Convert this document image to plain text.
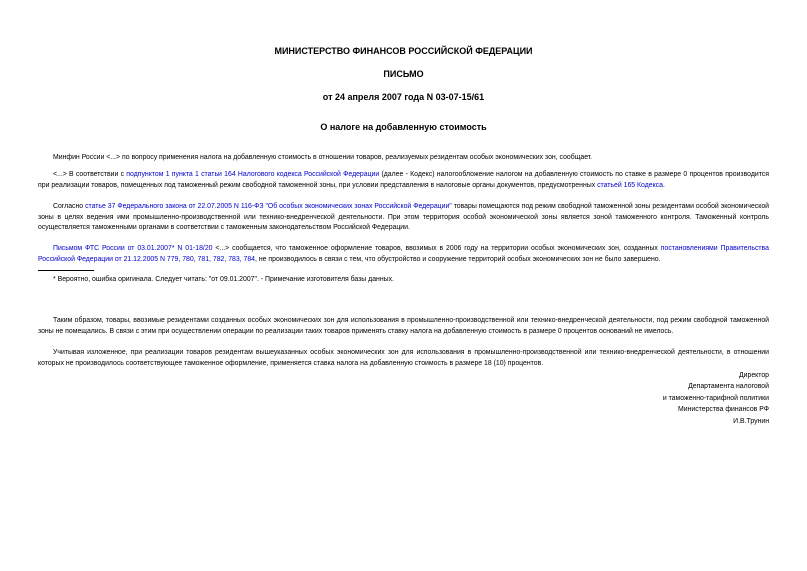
МИНИСТЕРСТВО ФИНАНСОВ РОССИЙСКОЙ ФЕДЕРАЦИИ
ПИСЬМО
от 24 апреля 2007 года N 03-07-15/61
О налоге на добавленную стоимость
Минфин России <...> по вопросу применения налога на добавленную стоимость в отношении товаров, реализуемых резидентам особых экономических зон, сообщает.
<...> В соответствии с подпунктом 1 пункта 1 статьи 164 Налогового кодекса Российской Федерации (далее - Кодекс) налогообложение налогом на добавленную стоимость по ставке в размере 0 процентов производится при реализации товаров, помещенных под таможенный режим свободной таможенной зоны, при условии представления в налоговые органы документов, предусмотренных статьей 165 Кодекса.
Согласно статье 37 Федерального закона от 22.07.2005 N 116-ФЗ "Об особых экономических зонах Российской Федерации" товары помещаются под режим свободной таможенной зоны резидентами особой экономической зоны в целях ведения ими промышленно-производственной или технико-внедренческой деятельности. При этом территория особой экономической зоны является зоной таможенного контроля. Таможенный контроль осуществляется таможенными органами в соответствии с таможенным законодательством Российской Федерации.
Письмом ФТС России от 03.01.2007* N 01-18/20 <...> сообщается, что таможенное оформление товаров, ввозимых в 2006 году на территории особых экономических зон, созданных постановлениями Правительства Российской Федерации от 21.12.2005 N 779, 780, 781, 782, 783, 784, не производилось в связи с тем, что обустройство и сооружение территорий особых экономических зон не было завершено.
* Вероятно, ошибка оригинала. Следует читать: "от 09.01.2007". - Примечание изготовителя базы данных.
Таким образом, товары, ввозимые резидентами созданных особых экономических зон для использования в промышленно-производственной или технико-внедренческой деятельности, под режим свободной таможенной зоны не помещались. В связи с этим при осуществлении операции по реализации таких товаров применять ставку налога на добавленную стоимость в размере 0 процентов оснований не имелось.
Учитывая изложенное, при реализации товаров резидентам вышеуказанных особых экономических зон для использования в промышленно-производственной или технико-внедренческой деятельности, в отношении которых не производилось соответствующее таможенное оформление, применяется ставка налога на добавленную стоимость в размере 18 (10) процентов.
Директор
Департамента налоговой
и таможенно-тарифной политики
Министерства финансов РФ
И.В.Трунин
